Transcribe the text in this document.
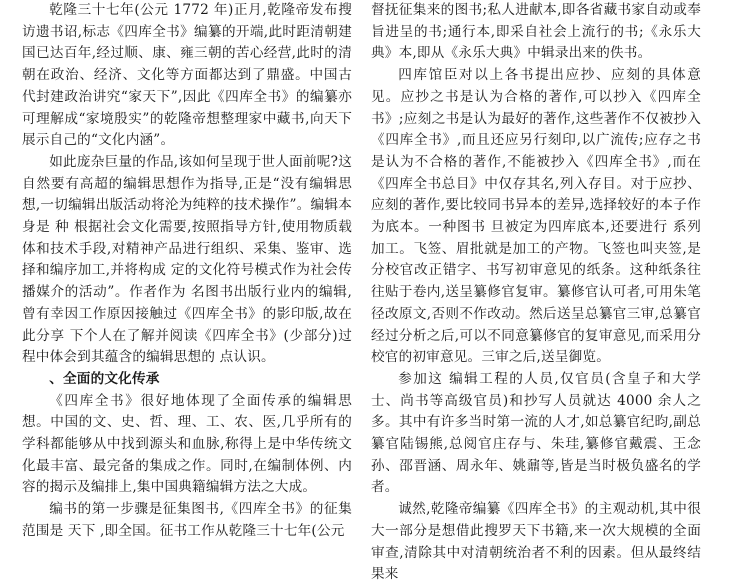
乾隆三十七年(公元 1772 年)正月,乾隆帝发布搜访遗书诏,标志《四库全书》编纂的开端,此时距清朝建国已达百年,经过顺、康、雍三朝的苦心经营,此时的清朝在政治、经济、文化等方面都达到了鼎盛。中国古代封建政治讲究“家天下”,因此《四库全书》的编纂亦可理解成“家境殷实”的乾隆帝想整理家中藏书,向天下展示自己的“文化内涵”。

如此庞杂巨量的作品,该如何呈现于世人面前呢?这自然要有高超的编辑思想作为指导,正是“没有编辑思想,一切编辑出版活动将沦为纯粹的技术操作”。编辑本身是 种 根据社会文化需要,按照指导方针,使用物质载体和技术手段,对精神产品进行组织、采集、鉴审、选择和编序加工,并将构成 定的文化符号模式作为社会传播媒介的活动”。作者作为 名图书出版行业内的编辑,曾有幸因工作原因接触过《四库全书》的影印版,故在此分享 下个人在了解并阅读《四库全书》(少部分)过程中体会到其蕴含的编辑思想的 点认识。

、全面的文化传承

《四库全书》很好地体现了全面传承的编辑思想。中国的文、史、哲、理、工、农、医,几乎所有的学科都能够从中找到源头和血脉,称得上是中华传统文化最丰富、最完备的集成之作。同时,在编制体例、内容的揭示及编排上,集中国典籍编辑方法之大成。

编书的第一步骤是征集图书,《四库全书》的征集范围是 天下 ,即全国。征书工作从乾隆三十七年(公元

督抚征集来的图书;私人进献本,即各省藏书家自动或奉旨进呈的书;通行本,即采自社会上流行的书;《永乐大典》本,即从《永乐大典》中辑录出来的佚书。

四库馆臣对以上各书提出应抄、应刻的具体意见。应抄之书是认为合格的著作,可以抄入《四库全书》;应刻之书是认为最好的著作,这些著作不仅被抄入《四库全书》,而且还应另行刻印,以广流传;应存之书是认为不合格的著作,不能被抄入《四库全书》,而在《四库全书总目》中仅存其名,列入存目。对于应抄、应刻的著作,要比较同书异本的差异,选择较好的本子作为底本。一种图书 旦被定为四库底本,还要进行 系列加工。飞签、眉批就是加工的产物。飞签也叫夹签,是分校官改正错字、书写初审意见的纸条。这种纸条往往贴于卷内,送呈纂修官复审。纂修官认可者,可用朱笔径改原文,否则不作改动。然后送呈总纂官三审,总纂官经过分析之后,可以不同意纂修官的复审意见,而采用分校官的初审意见。三审之后,送呈御览。

参加这 编辑工程的人员,仅官员(含皇子和大学士、尚书等高级官员)和抄写人员就达 4000 余人之多。其中有许多当时第一流的人才,如总纂官纪昀,副总纂官陆锡熊,总阅官庄存与、朱珪,纂修官戴震、王念孙、邵晋涵、周永年、姚鼐等,皆是当时极负盛名的学者。

诚然,乾隆帝编纂《四库全书》的主观动机,其中很大一部分是想借此搜罗天下书籍,来一次大规模的全面审查,清除其中对清朝统治者不利的因素。但从最终结果来
